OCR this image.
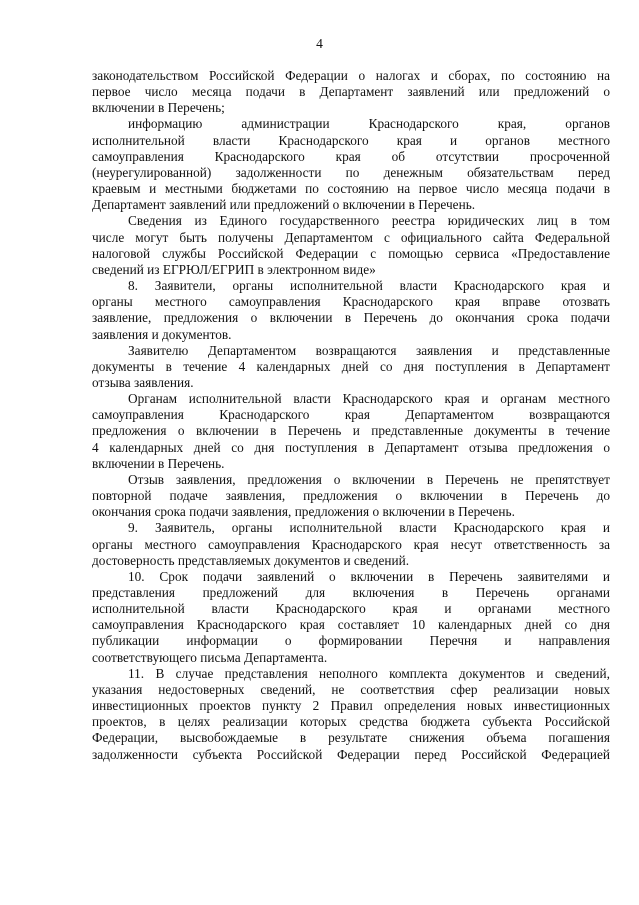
4
законодательством Российской Федерации о налогах и сборах, по состоянию на
первое число месяца подачи в Департамент заявлений или предложений о
включении в Перечень;
информацию администрации Краснодарского края, органов
исполнительной власти Краснодарского края и органов местного
самоуправления Краснодарского края об отсутствии просроченной
(неурегулированной) задолженности по денежным обязательствам перед
краевым и местными бюджетами по состоянию на первое число месяца подачи в
Департамент заявлений или предложений о включении в Перечень.
Сведения из Единого государственного реестра юридических лиц в том
числе могут быть получены Департаментом с официального сайта Федеральной
налоговой службы Российской Федерации с помощью сервиса «Предоставление
сведений из ЕГРЮЛ/ЕГРИП в электронном виде»
8. Заявители, органы исполнительной власти Краснодарского края и
органы местного самоуправления Краснодарского края вправе отозвать
заявление, предложения о включении в Перечень до окончания срока подачи
заявления и документов.
Заявителю Департаментом возвращаются заявления и представленные
документы в течение 4 календарных дней со дня поступления в Департамент
отзыва заявления.
Органам исполнительной власти Краснодарского края и органам местного
самоуправления Краснодарского края Департаментом возвращаются
предложения о включении в Перечень и представленные документы в течение
4 календарных дней со дня поступления в Департамент отзыва предложения о
включении в Перечень.
Отзыв заявления, предложения о включении в Перечень не препятствует
повторной подаче заявления, предложения о включении в Перечень до
окончания срока подачи заявления, предложения о включении в Перечень.
9. Заявитель, органы исполнительной власти Краснодарского края и
органы местного самоуправления Краснодарского края несут ответственность за
достоверность представляемых документов и сведений.
10. Срок подачи заявлений о включении в Перечень заявителями и
представления предложений для включения в Перечень органами
исполнительной власти Краснодарского края и органами местного
самоуправления Краснодарского края составляет 10 календарных дней со дня
публикации информации о формировании Перечня и направления
соответствующего письма Департамента.
11. В случае представления неполного комплекта документов и сведений,
указания недостоверных сведений, не соответствия сфер реализации новых
инвестиционных проектов пункту 2 Правил определения новых инвестиционных
проектов, в целях реализации которых средства бюджета субъекта Российской
Федерации, высвобождаемые в результате снижения объема погашения
задолженности субъекта Российской Федерации перед Российской Федерацией
